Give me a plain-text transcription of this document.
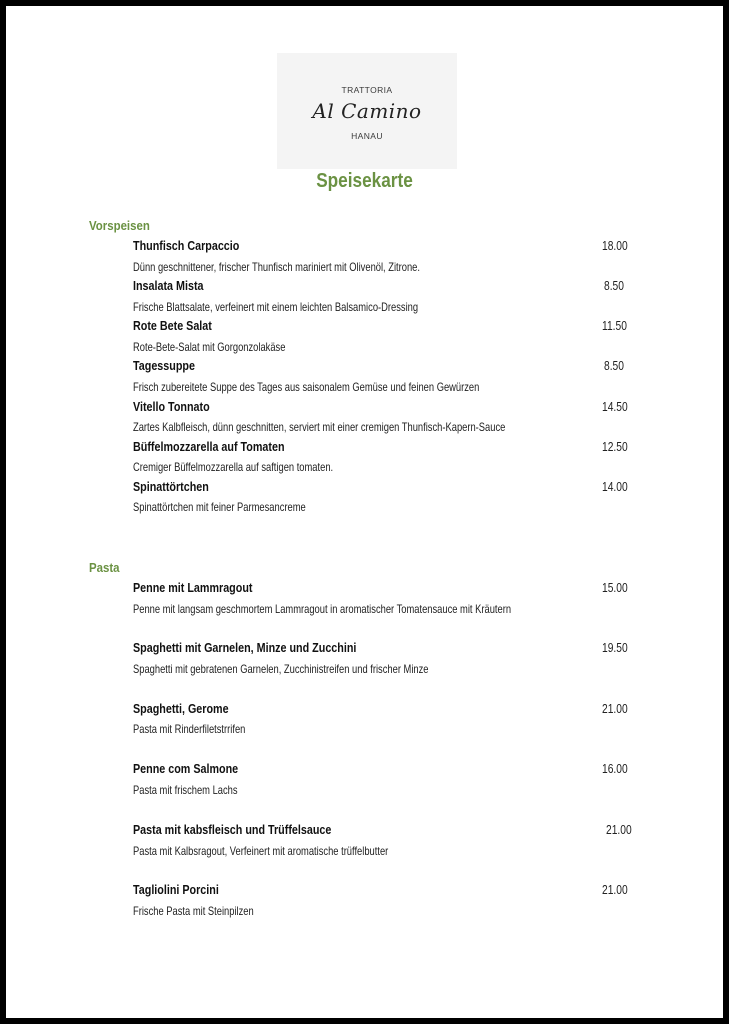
TRATTORIA
Al Camino
HANAU
Speisekarte
Vorspeisen
Thunfisch Carpaccio	18.00
Dünn geschnittener, frischer Thunfisch mariniert mit Olivenöl, Zitrone.
Insalata Mista	8.50
Frische Blattsalate, verfeinert mit einem leichten Balsamico-Dressing
Rote Bete Salat	11.50
Rote-Bete-Salat mit Gorgonzolakäse
Tagessuppe	8.50
Frisch zubereitete Suppe des Tages aus saisonalem Gemüse und feinen Gewürzen
Vitello Tonnato	14.50
Zartes Kalbfleisch, dünn geschnitten, serviert mit einer cremigen Thunfisch-Kapern-Sauce
Büffelmozzarella auf Tomaten	12.50
Cremiger Büffelmozzarella auf saftigen tomaten.
Spinattörtchen	14.00
Spinattörtchen mit feiner Parmesancreme
Pasta
Penne mit Lammragout	15.00
Penne mit langsam geschmortem Lammragout in aromatischer Tomatensauce mit Kräutern
Spaghetti mit Garnelen, Minze und Zucchini	19.50
Spaghetti mit gebratenen Garnelen, Zucchinistreifen und frischer Minze
Spaghetti, Gerome	21.00
Pasta mit Rinderfiletstrrifen
Penne com Salmone	16.00
Pasta mit frischem Lachs
Pasta mit kabsfleisch und Trüffelsauce	21.00
Pasta mit Kalbsragout, Verfeinert mit aromatische trüffelbutter
Tagliolini Porcini	21.00
Frische Pasta mit Steinpilzen
